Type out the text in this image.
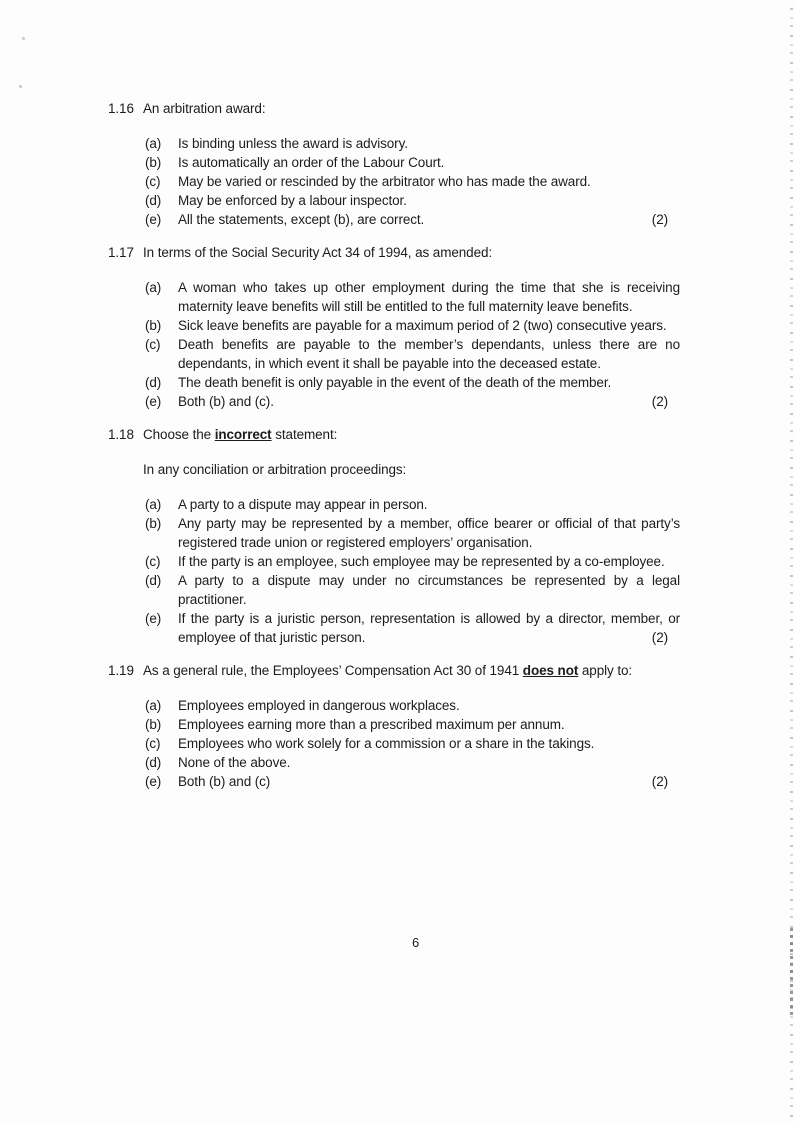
1.16 An arbitration award:
(a)	Is binding unless the award is advisory.
(b)	Is automatically an order of the Labour Court.
(c)	May be varied or rescinded by the arbitrator who has made the award.
(d)	May be enforced by a labour inspector.
(e)	All the statements, except (b), are correct.	(2)
1.17 In terms of the Social Security Act 34 of 1994, as amended:
(a)	A woman who takes up other employment during the time that she is receiving maternity leave benefits will still be entitled to the full maternity leave benefits.
(b)	Sick leave benefits are payable for a maximum period of 2 (two) consecutive years.
(c)	Death benefits are payable to the member’s dependants, unless there are no dependants, in which event it shall be payable into the deceased estate.
(d)	The death benefit is only payable in the event of the death of the member.
(e)	Both (b) and (c).	(2)
1.18 Choose the incorrect statement:
In any conciliation or arbitration proceedings:
(a)	A party to a dispute may appear in person.
(b)	Any party may be represented by a member, office bearer or official of that party’s registered trade union or registered employers’ organisation.
(c)	If the party is an employee, such employee may be represented by a co-employee.
(d)	A party to a dispute may under no circumstances be represented by a legal practitioner.
(e)	If the party is a juristic person, representation is allowed by a director, member, or employee of that juristic person.	(2)
1.19 As a general rule, the Employees’ Compensation Act 30 of 1941 does not apply to:
(a)	Employees employed in dangerous workplaces.
(b)	Employees earning more than a prescribed maximum per annum.
(c)	Employees who work solely for a commission or a share in the takings.
(d)	None of the above.
(e)	Both (b) and (c)	(2)
6
